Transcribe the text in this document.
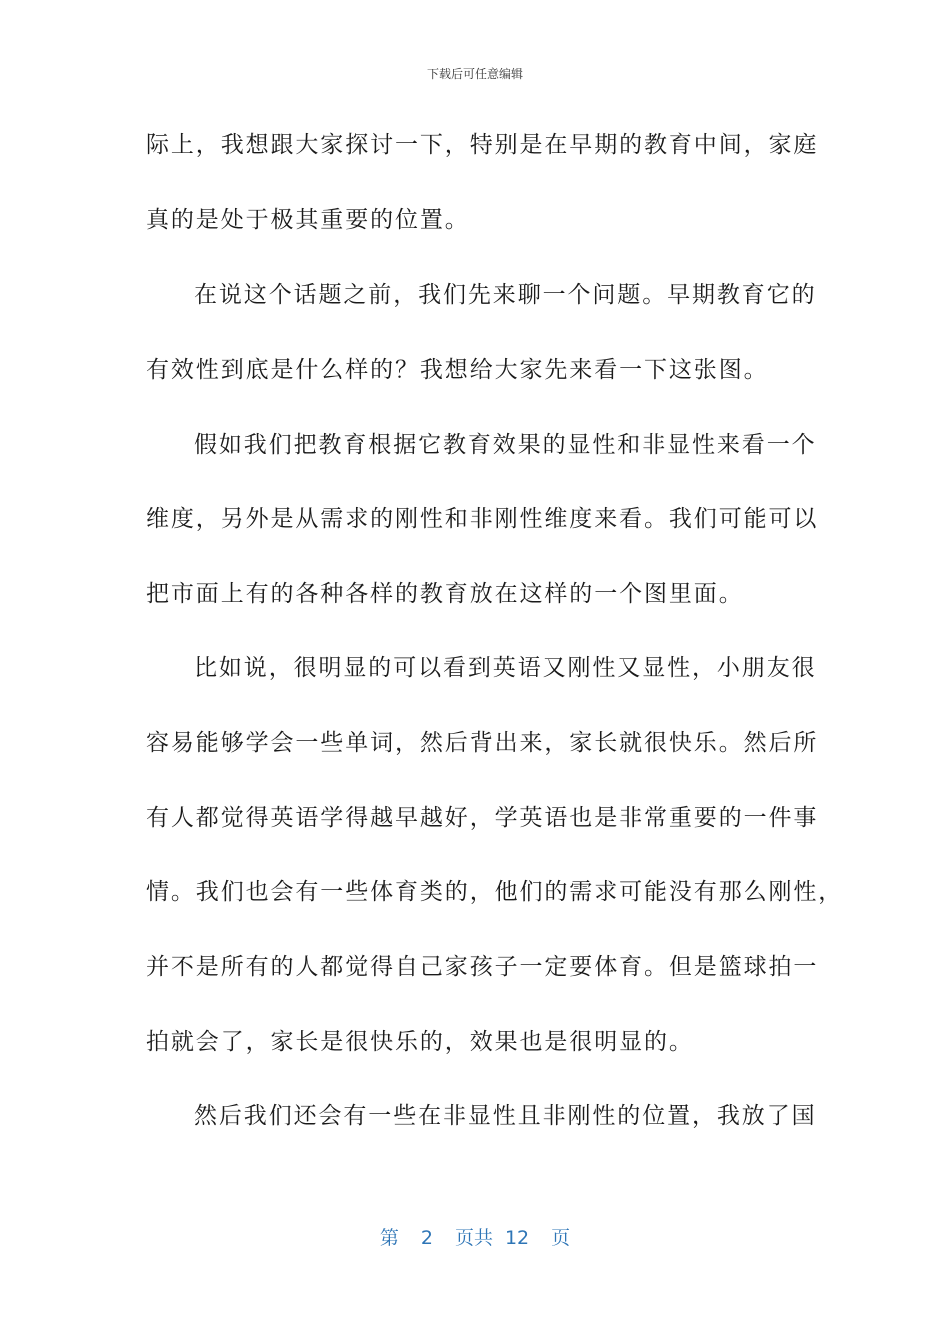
下载后可任意编辑
际上，我想跟大家探讨一下，特别是在早期的教育中间，家庭
真的是处于极其重要的位置。
在说这个话题之前，我们先来聊一个问题。早期教育它的
有效性到底是什么样的？我想给大家先来看一下这张图。
假如我们把教育根据它教育效果的显性和非显性来看一个
维度，另外是从需求的刚性和非刚性维度来看。我们可能可以
把市面上有的各种各样的教育放在这样的一个图里面。
比如说，很明显的可以看到英语又刚性又显性，小朋友很
容易能够学会一些单词，然后背出来，家长就很快乐。然后所
有人都觉得英语学得越早越好，学英语也是非常重要的一件事
情。我们也会有一些体育类的，他们的需求可能没有那么刚性，
并不是所有的人都觉得自己家孩子一定要体育。但是篮球拍一
拍就会了，家长是很快乐的，效果也是很明显的。
然后我们还会有一些在非显性且非刚性的位置，我放了国
第 2 页共 12 页
